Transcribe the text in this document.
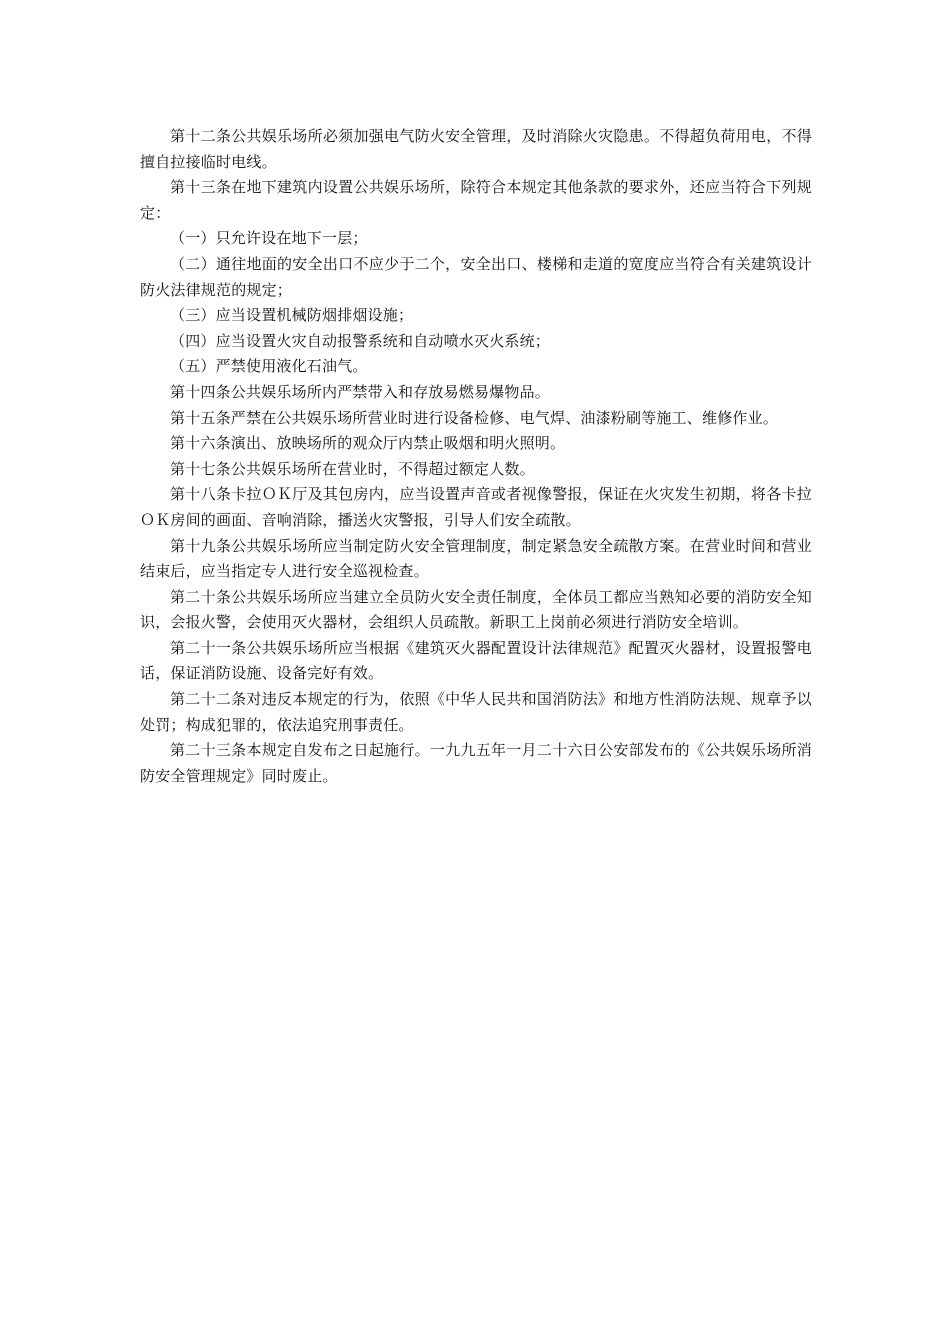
第十二条公共娱乐场所必须加强电气防火安全管理，及时消除火灾隐患。不得超负荷用电，不得擅自拉接临时电线。

第十三条在地下建筑内设置公共娱乐场所，除符合本规定其他条款的要求外，还应当符合下列规定：

（一）只允许设在地下一层；

（二）通往地面的安全出口不应少于二个，安全出口、楼梯和走道的宽度应当符合有关建筑设计防火法律规范的规定；

（三）应当设置机械防烟排烟设施；

（四）应当设置火灾自动报警系统和自动喷水灭火系统；

（五）严禁使用液化石油气。

第十四条公共娱乐场所内严禁带入和存放易燃易爆物品。

第十五条严禁在公共娱乐场所营业时进行设备检修、电气焊、油漆粉刷等施工、维修作业。

第十六条演出、放映场所的观众厅内禁止吸烟和明火照明。

第十七条公共娱乐场所在营业时，不得超过额定人数。

第十八条卡拉ＯＫ厅及其包房内，应当设置声音或者视像警报，保证在火灾发生初期，将各卡拉ＯＫ房间的画面、音响消除，播送火灾警报，引导人们安全疏散。

第十九条公共娱乐场所应当制定防火安全管理制度，制定紧急安全疏散方案。在营业时间和营业结束后，应当指定专人进行安全巡视检查。

第二十条公共娱乐场所应当建立全员防火安全责任制度，全体员工都应当熟知必要的消防安全知识，会报火警，会使用灭火器材，会组织人员疏散。新职工上岗前必须进行消防安全培训。

第二十一条公共娱乐场所应当根据《建筑灭火器配置设计法律规范》配置灭火器材，设置报警电话，保证消防设施、设备完好有效。

第二十二条对违反本规定的行为，依照《中华人民共和国消防法》和地方性消防法规、规章予以处罚；构成犯罪的，依法追究刑事责任。

第二十三条本规定自发布之日起施行。一九九五年一月二十六日公安部发布的《公共娱乐场所消防安全管理规定》同时废止。
